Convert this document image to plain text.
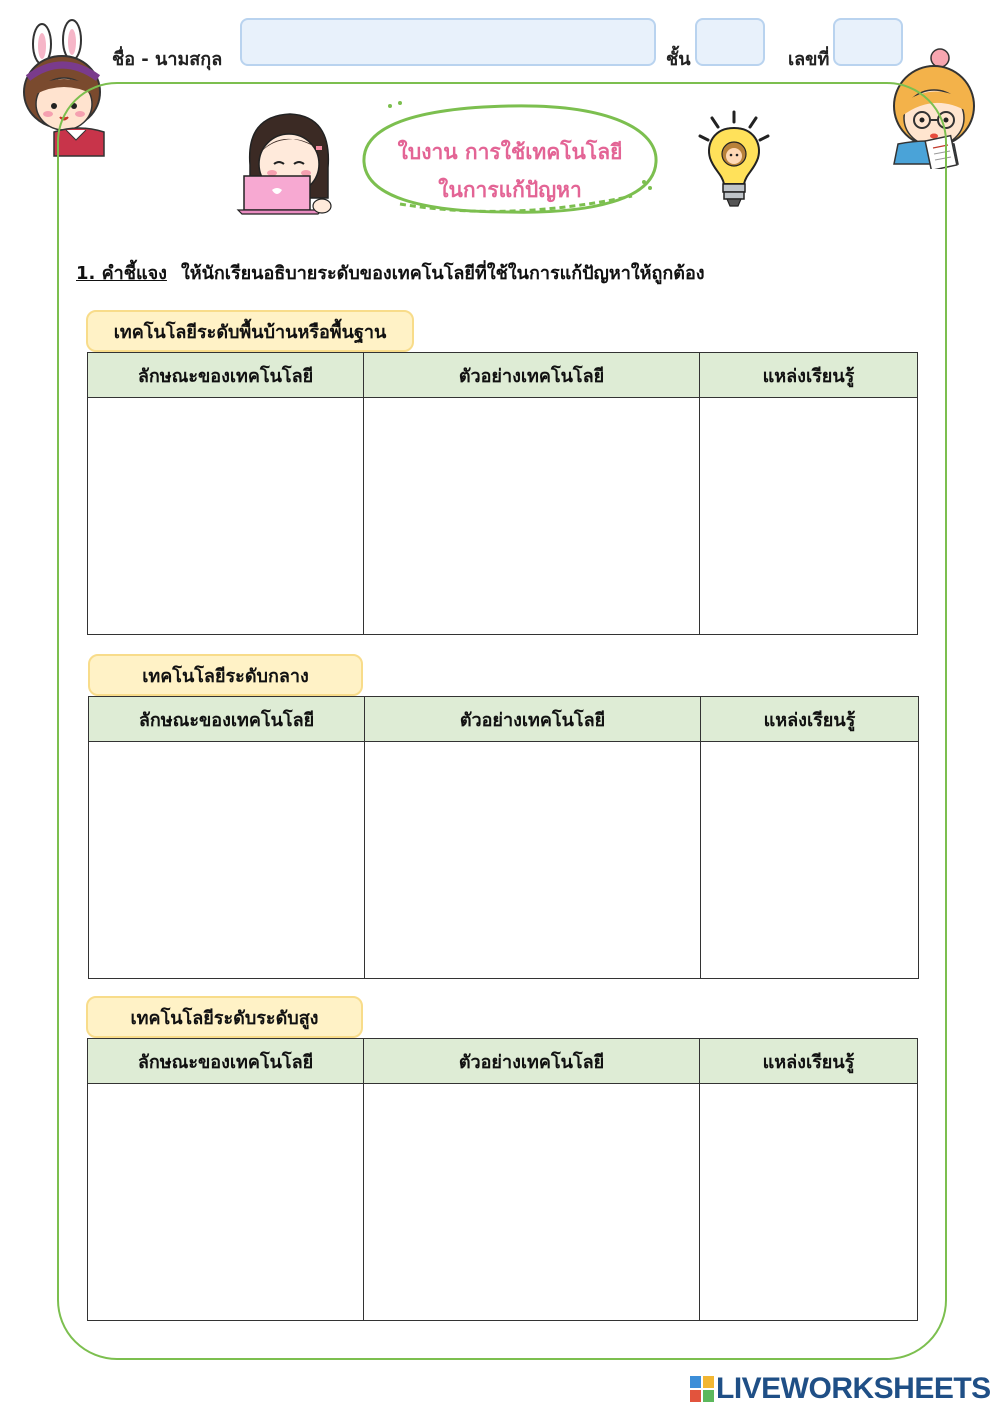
ชื่อ - นามสกุล	ชั้น	เลขที่
ใบงาน การใช้เทคโนโลยี
ในการแก้ปัญหา
1. คำชี้แจง ให้นักเรียนอธิบายระดับของเทคโนโลยีที่ใช้ในการแก้ปัญหาให้ถูกต้อง
เทคโนโลยีระดับพื้นบ้านหรือพื้นฐาน
ลักษณะของเทคโนโลยี	ตัวอย่างเทคโนโลยี	แหล่งเรียนรู้

เทคโนโลยีระดับกลาง
ลักษณะของเทคโนโลยี	ตัวอย่างเทคโนโลยี	แหล่งเรียนรู้

เทคโนโลยีระดับระดับสูง
ลักษณะของเทคโนโลยี	ตัวอย่างเทคโนโลยี	แหล่งเรียนรู้

LIVEWORKSHEETS
